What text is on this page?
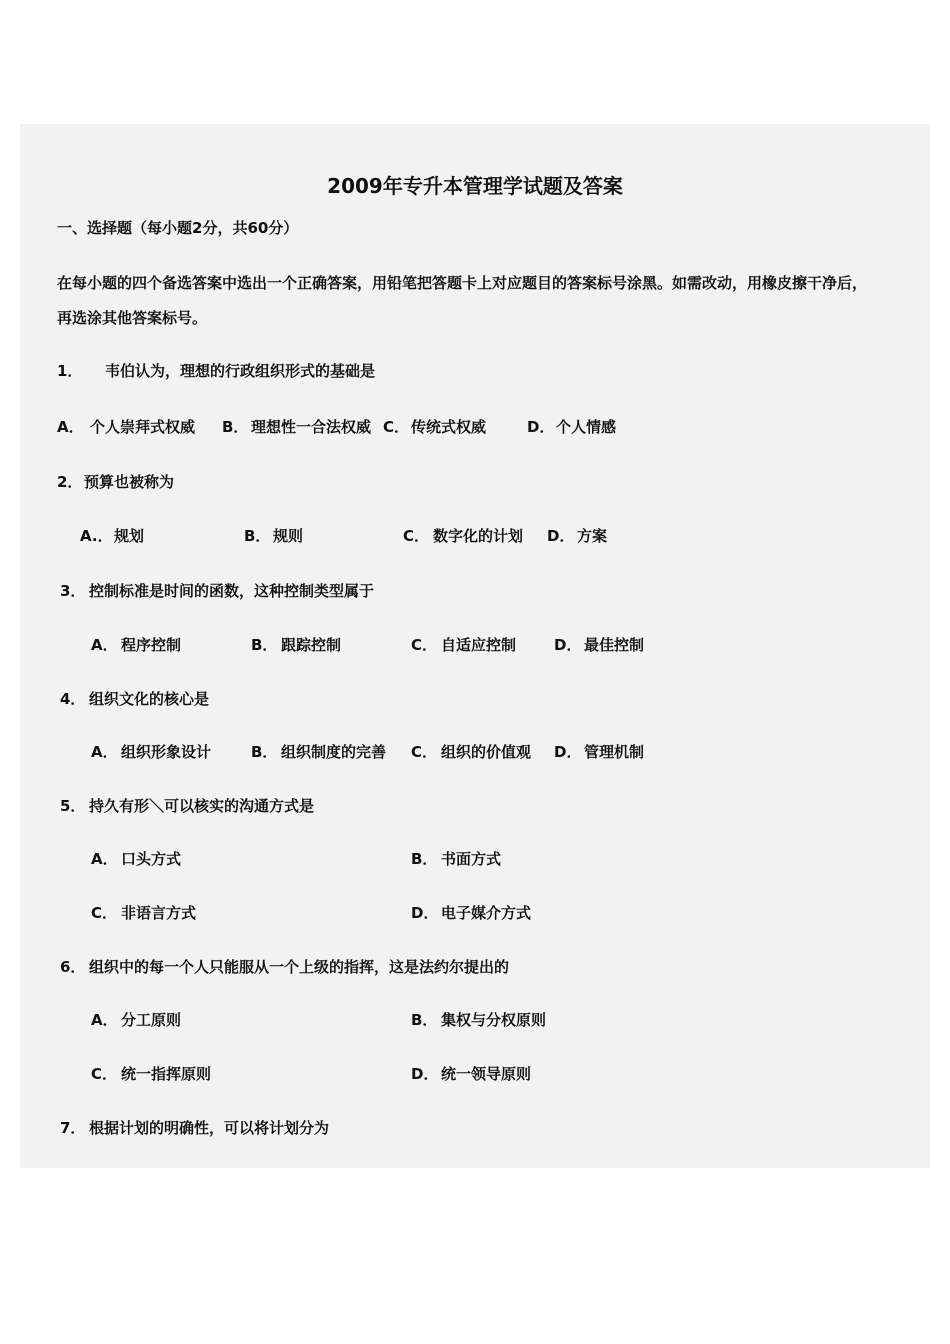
2009年专升本管理学试题及答案
一、选择题（每小题2分，共60分）
在每小题的四个备选答案中选出一个正确答案，用铅笔把答题卡上对应题目的答案标号涂黑。如需改动，用橡皮擦干净后，
再选涂其他答案标号。
1． 韦伯认为，理想的行政组织形式的基础是
A． 个人崇拜式权威 B． 理想性一合法权威 C． 传统式权威	D． 个人情感
2． 预算也被称为
A.． 规划	B． 规则	C． 数字化的计划 D． 方案
3． 控制标准是时间的函数，这种控制类型属于
A． 程序控制	B． 跟踪控制	C． 自适应控制	D． 最佳控制
4． 组织文化的核心是
A． 组织形象设计	B． 组织制度的完善 C． 组织的价值观 D． 管理机制
5． 持久有形＼可以核实的沟通方式是
A． 口头方式	B． 书面方式
C． 非语言方式	D． 电子媒介方式
6． 组织中的每一个人只能服从一个上级的指挥，这是法约尔提出的
A． 分工原则	B． 集权与分权原则
C． 统一指挥原则	D． 统一领导原则
7． 根据计划的明确性，可以将计划分为
